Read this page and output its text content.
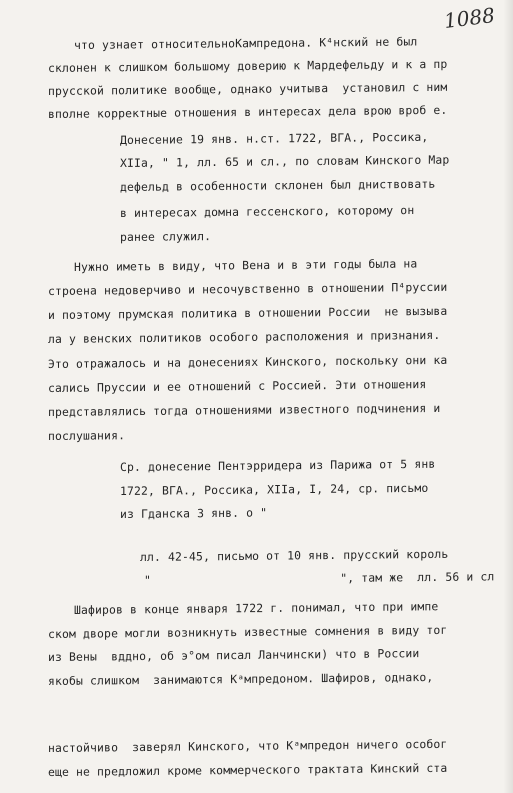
1088
что узнает относительноКампредона. К⁴нский не был
склонен к слишком большому доверию к Мардефельду и к а пр
прусской политике вообще, однако учитыва  установил с ним
вполне корректные отношения в интересах дела врою вроб е.
Донесение 19 янв. н.ст. 1722, ВГА., Россика,
XIIа, " 1, лл. 65 и сл., по словам Кинского Мар
дефельд в особенности склонен был дниствовать
в интересах домна гессенского, которому он
ранее служил.
Нужно иметь в виду, что Вена и в эти годы была на
строена недоверчиво и несочувственно в отношении П⁴руссии
и поэтому прумская политика в отношении России  не вызыва
ла у венских политиков особого расположения и признания.
Это отражалось и на донесениях Кинского, поскольку они ка
сались Пруссии и ее отношений с Россией. Эти отношения
представлялись тогда отношениями известного подчинения и
послушания.
Ср. донесение Пентэрридера из Парижа от 5 янв
1722, ВГА., Россика, XIIа, I, 24, ср. письмо
из Гданска 3 янв. о "
лл. 42-45, письмо от 10 янв. прусский король
"                           ", там же  лл. 56 и сл
Шафиров в конце января 1722 г. понимал, что при импе
ском дворе могли возникнуть известные сомнения в виду тог
из Вены  вддно, об э°ом писал Ланчински) что в России
якобы слишком  занимаются Кᵃмпредоном. Шафиров, однако,
настойчиво  заверял Кинского, что Кᵃмпредон ничего особог
еще не предложил кроме коммерческого трактата Кинский ста
